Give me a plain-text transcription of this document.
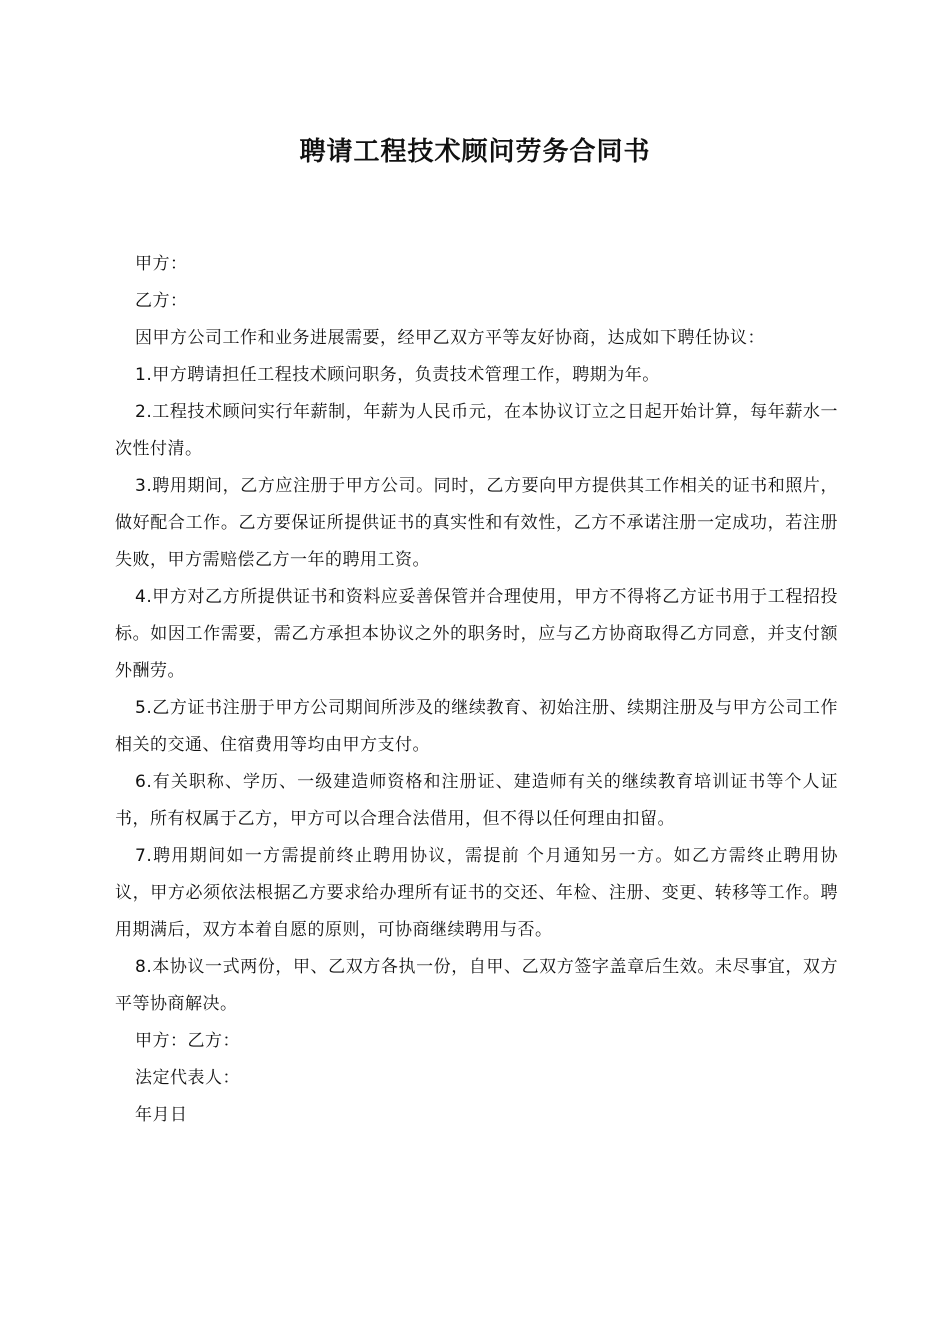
聘请工程技术顾问劳务合同书

甲方：

乙方：

因甲方公司工作和业务进展需要，经甲乙双方平等友好协商，达成如下聘任协议：

1.甲方聘请担任工程技术顾问职务，负责技术管理工作，聘期为年。

2.工程技术顾问实行年薪制，年薪为人民币元，在本协议订立之日起开始计算，每年薪水一次性付清。

3.聘用期间，乙方应注册于甲方公司。同时，乙方要向甲方提供其工作相关的证书和照片，做好配合工作。乙方要保证所提供证书的真实性和有效性，乙方不承诺注册一定成功，若注册失败，甲方需赔偿乙方一年的聘用工资。

4.甲方对乙方所提供证书和资料应妥善保管并合理使用，甲方不得将乙方证书用于工程招投标。如因工作需要，需乙方承担本协议之外的职务时，应与乙方协商取得乙方同意，并支付额外酬劳。

5.乙方证书注册于甲方公司期间所涉及的继续教育、初始注册、续期注册及与甲方公司工作相关的交通、住宿费用等均由甲方支付。

6.有关职称、学历、一级建造师资格和注册证、建造师有关的继续教育培训证书等个人证书，所有权属于乙方，甲方可以合理合法借用，但不得以任何理由扣留。

7.聘用期间如一方需提前终止聘用协议，需提前 个月通知另一方。如乙方需终止聘用协议，甲方必须依法根据乙方要求给办理所有证书的交还、年检、注册、变更、转移等工作。聘用期满后，双方本着自愿的原则，可协商继续聘用与否。

8.本协议一式两份，甲、乙双方各执一份，自甲、乙双方签字盖章后生效。未尽事宜，双方平等协商解决。

甲方：乙方：

法定代表人：

年月日
